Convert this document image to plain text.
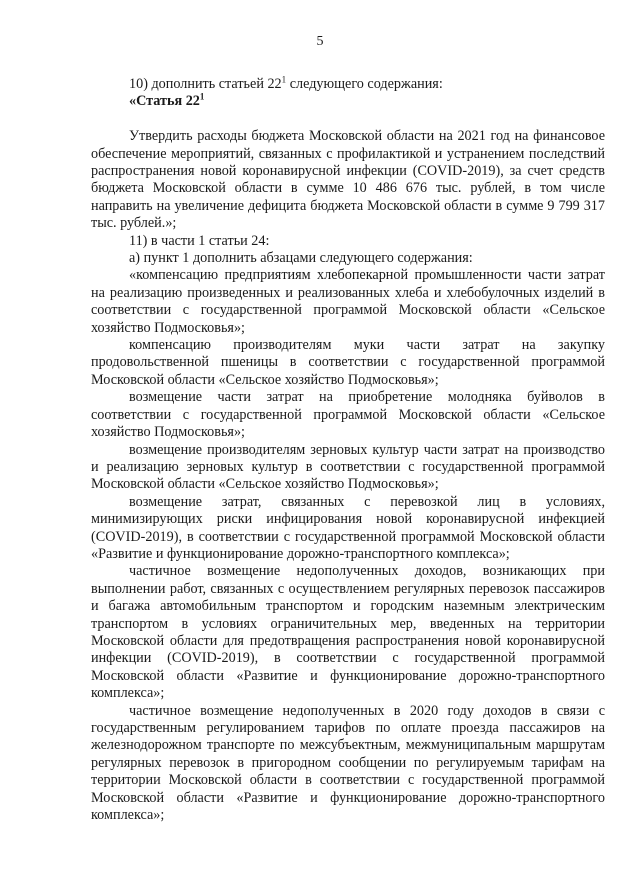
5

10) дополнить статьей $22^1$ следующего содержания:

«Статья $22^1$

Утвердить расходы бюджета Московской области на 2021 год на финансовое обеспечение мероприятий, связанных с профилактикой и устранением последствий распространения новой коронавирусной инфекции (COVID-2019), за счет средств бюджета Московской области в сумме 10 486 676 тыс. рублей, в том числе направить на увеличение дефицита бюджета Московской области в сумме 9 799 317 тыс. рублей.»;

11) в части 1 статьи 24:

а) пункт 1 дополнить абзацами следующего содержания:

«компенсацию предприятиям хлебопекарной промышленности части затрат на реализацию произведенных и реализованных хлеба и хлебобулочных изделий в соответствии с государственной программой Московской области «Сельское хозяйство Подмосковья»;

компенсацию производителям муки части затрат на закупку продовольственной пшеницы в соответствии с государственной программой Московской области «Сельское хозяйство Подмосковья»;

возмещение части затрат на приобретение молодняка буйволов в соответствии с государственной программой Московской области «Сельское хозяйство Подмосковья»;

возмещение производителям зерновых культур части затрат на производство и реализацию зерновых культур в соответствии с государственной программой Московской области «Сельское хозяйство Подмосковья»;

возмещение затрат, связанных с перевозкой лиц в условиях, минимизирующих риски инфицирования новой коронавирусной инфекцией (COVID-2019), в соответствии с государственной программой Московской области «Развитие и функционирование дорожно-транспортного комплекса»;

частичное возмещение недополученных доходов, возникающих при выполнении работ, связанных с осуществлением регулярных перевозок пассажиров и багажа автомобильным транспортом и городским наземным электрическим транспортом в условиях ограничительных мер, введенных на территории Московской области для предотвращения распространения новой коронавирусной инфекции (COVID-2019), в соответствии с государственной программой Московской области «Развитие и функционирование дорожно-транспортного комплекса»;

частичное возмещение недополученных в 2020 году доходов в связи с государственным регулированием тарифов по оплате проезда пассажиров на железнодорожном транспорте по межсубъектным, межмуниципальным маршрутам регулярных перевозок в пригородном сообщении по регулируемым тарифам на территории Московской области в соответствии с государственной программой Московской области «Развитие и функционирование дорожно-транспортного комплекса»;
